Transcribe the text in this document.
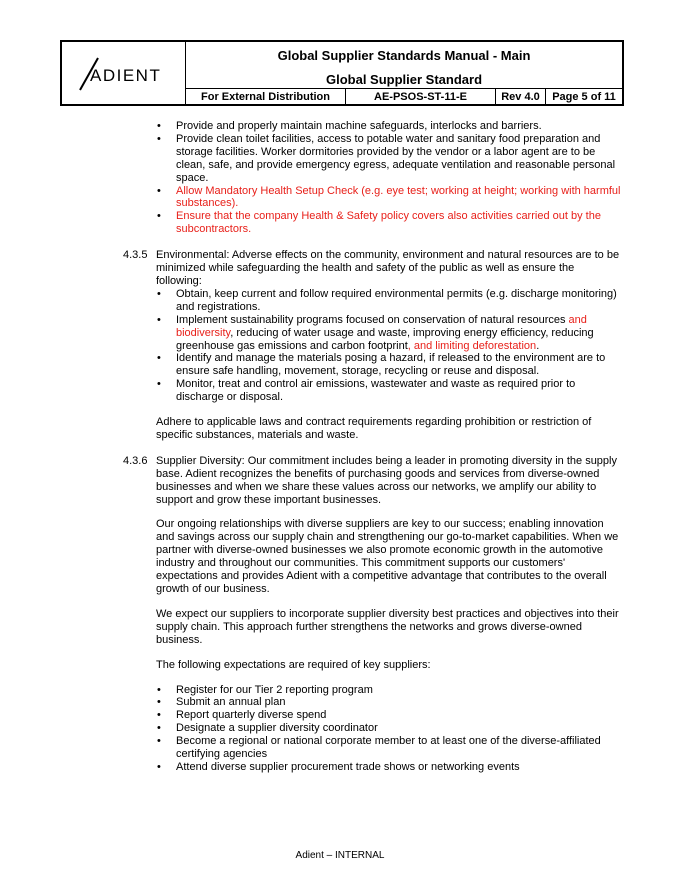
ADIENT
Global Supplier Standards Manual - Main
Global Supplier Standard
For External Distribution	AE-PSOS-ST-11-E	Rev 4.0	Page 5 of 11
• Provide and properly maintain machine safeguards, interlocks and barriers.
• Provide clean toilet facilities, access to potable water and sanitary food preparation and storage facilities. Worker dormitories provided by the vendor or a labor agent are to be clean, safe, and provide emergency egress, adequate ventilation and reasonable personal space.
• Allow Mandatory Health Setup Check (e.g. eye test; working at height; working with harmful substances).
• Ensure that the company Health & Safety policy covers also activities carried out by the subcontractors.
4.3.5 Environmental: Adverse effects on the community, environment and natural resources are to be minimized while safeguarding the health and safety of the public as well as ensure the following:
• Obtain, keep current and follow required environmental permits (e.g. discharge monitoring) and registrations.
• Implement sustainability programs focused on conservation of natural resources and biodiversity, reducing of water usage and waste, improving energy efficiency, reducing greenhouse gas emissions and carbon footprint, and limiting deforestation.
• Identify and manage the materials posing a hazard, if released to the environment are to ensure safe handling, movement, storage, recycling or reuse and disposal.
• Monitor, treat and control air emissions, wastewater and waste as required prior to discharge or disposal.
Adhere to applicable laws and contract requirements regarding prohibition or restriction of specific substances, materials and waste.
4.3.6 Supplier Diversity: Our commitment includes being a leader in promoting diversity in the supply base. Adient recognizes the benefits of purchasing goods and services from diverse-owned businesses and when we share these values across our networks, we amplify our ability to support and grow these important businesses.
Our ongoing relationships with diverse suppliers are key to our success; enabling innovation and savings across our supply chain and strengthening our go-to-market capabilities. When we partner with diverse-owned businesses we also promote economic growth in the automotive industry and throughout our communities. This commitment supports our customers' expectations and provides Adient with a competitive advantage that contributes to the overall growth of our business.
We expect our suppliers to incorporate supplier diversity best practices and objectives into their supply chain. This approach further strengthens the networks and grows diverse-owned business.
The following expectations are required of key suppliers:
• Register for our Tier 2 reporting program
• Submit an annual plan
• Report quarterly diverse spend
• Designate a supplier diversity coordinator
• Become a regional or national corporate member to at least one of the diverse-affiliated certifying agencies
• Attend diverse supplier procurement trade shows or networking events
Adient – INTERNAL
